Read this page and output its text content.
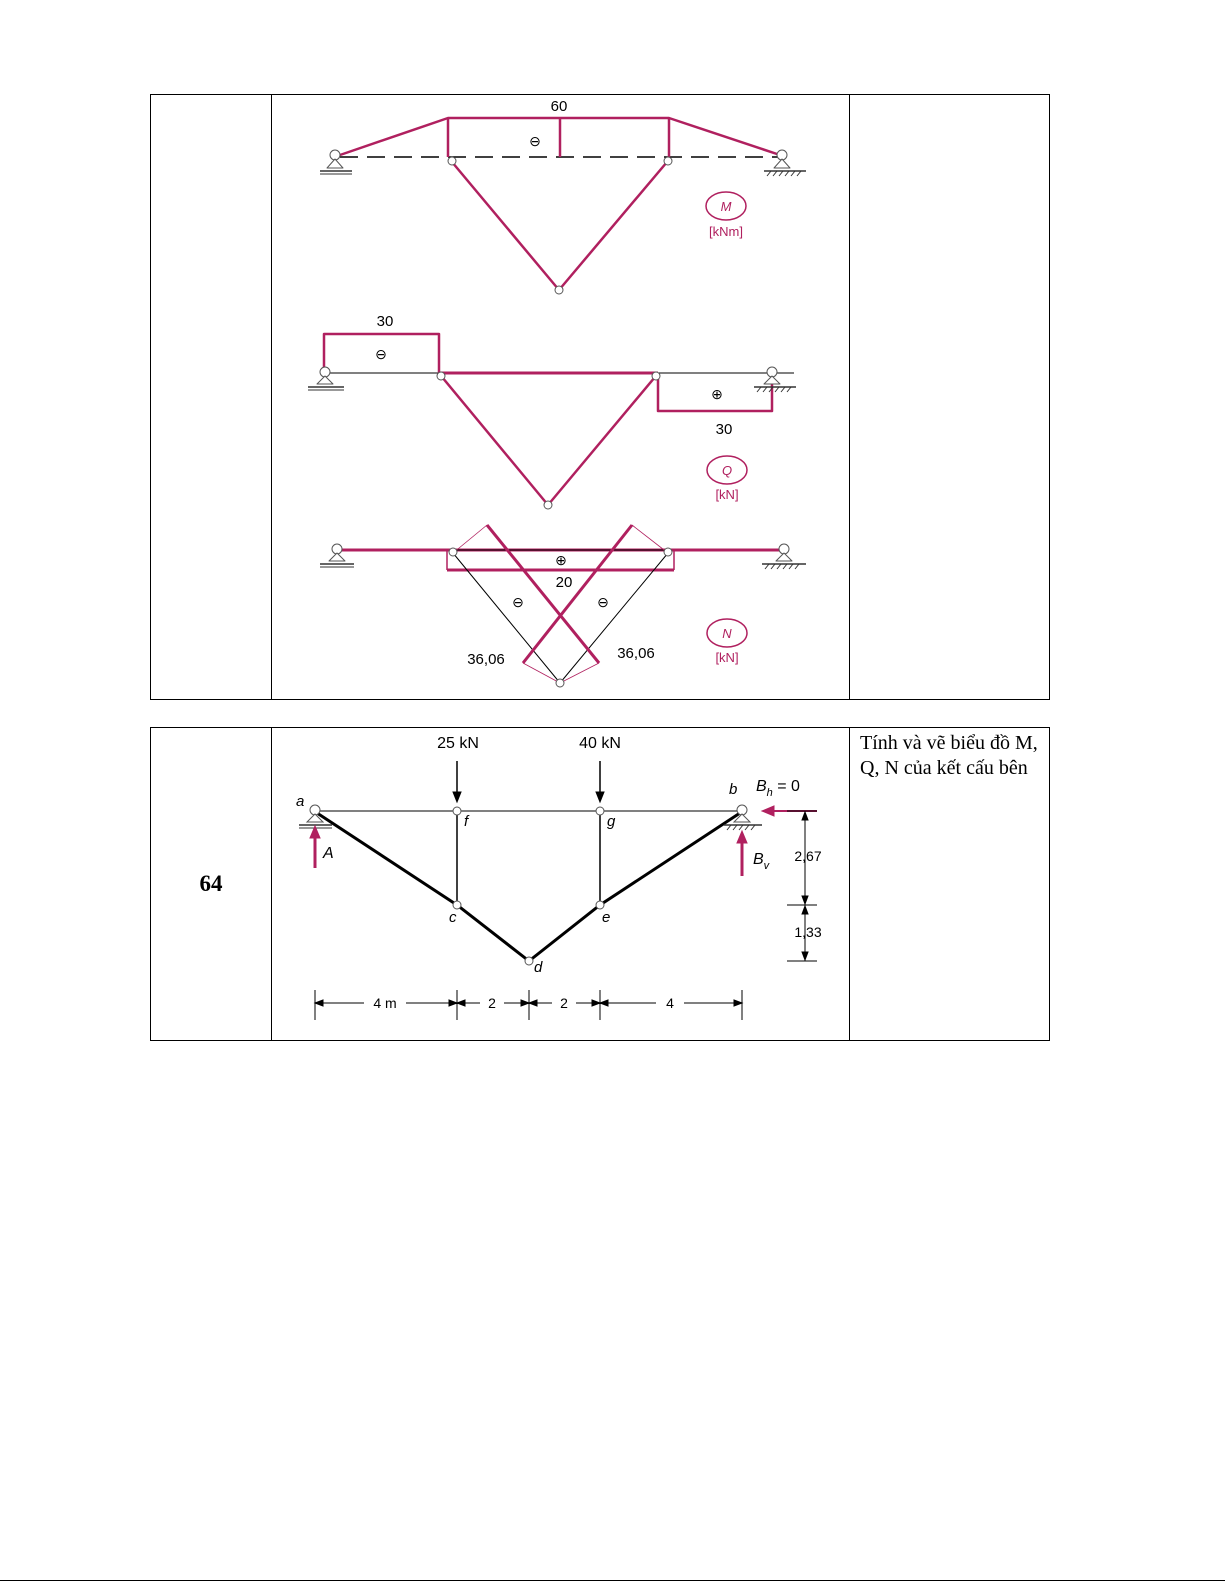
60
⊖
M
[kNm]
30
⊖
⊕
30
Q
[kN]
⊕
20
⊖	⊖
36,06	36,06
N
[kN]

64
25 kN	40 kN
a
b
f	g
c	e
d
A
$B_h = 0$
$B_v$
2,67
1,33
4 m	2	2	4

Tính và vẽ biểu đồ M, Q, N của kết cấu bên
